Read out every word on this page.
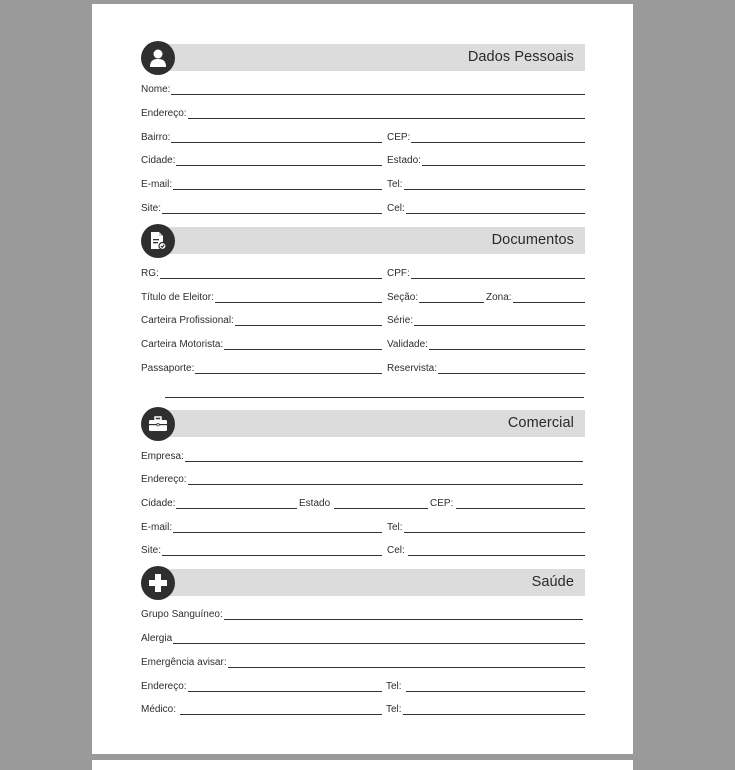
Dados Pessoais
Nome:
Endereço:
Bairro:	CEP:
Cidade:	Estado:
E-mail:	Tel:
Site:	Cel:
Documentos
RG:	CPF:
Título de Eleitor:	Seção:	Zona:
Carteira Profissional:	Série:
Carteira Motorista:	Validade:
Passaporte:	Reservista:
Comercial
Empresa:
Endereço:
Cidade:	Estado	CEP:
E-mail:	Tel:
Site:	Cel:
Saúde
Grupo Sanguíneo:
Alergia
Emergência avisar:
Endereço:	Tel:
Médico:	Tel:
